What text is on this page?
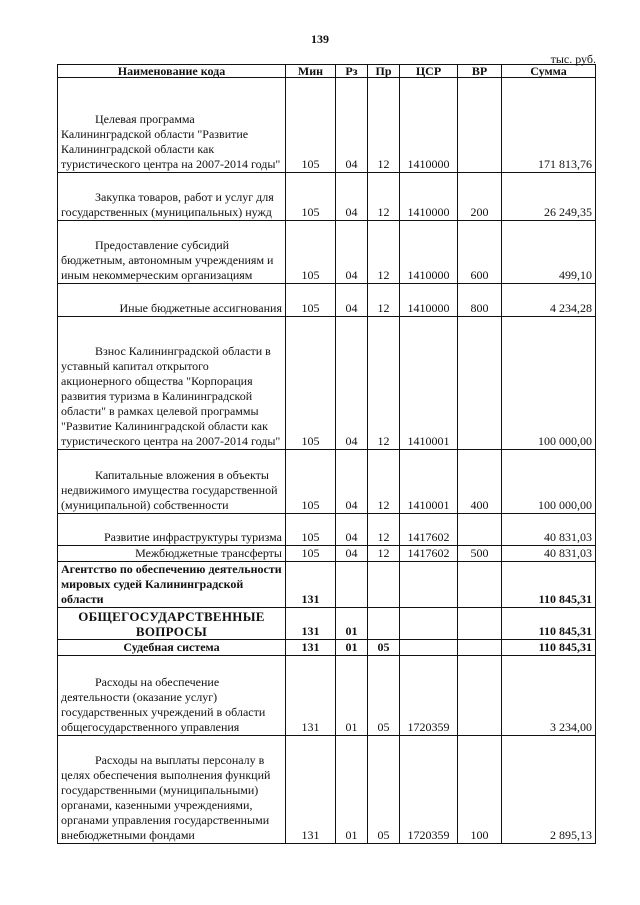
139
тыс. руб.
Наименование кода	Мин	Рз	Пр	ЦСР	ВР	Сумма

Целевая программа Калининградской области "Развитие Калининградской области как туристического центра на 2007-2014 годы"	105	04	12	1410000		171 813,76

Закупка товаров, работ и услуг для государственных (муниципальных) нужд	105	04	12	1410000	200	26 249,35

Предоставление субсидий бюджетным, автономным учреждениям и иным некоммерческим организациям	105	04	12	1410000	600	499,10

Иные бюджетные ассигнования	105	04	12	1410000	800	4 234,28

Взнос Калининградской области в уставный капитал открытого акционерного общества "Корпорация развития туризма в Калининградской области" в рамках целевой программы "Развитие Калининградской области как туристического центра на 2007-2014 годы"	105	04	12	1410001		100 000,00

Капитальные вложения в объекты недвижимого имущества государственной (муниципальной) собственности	105	04	12	1410001	400	100 000,00

Развитие инфраструктуры туризма	105	04	12	1417602		40 831,03

Межбюджетные трансферты	105	04	12	1417602	500	40 831,03

Агентство по обеспечению деятельности мировых судей Калининградской области	131					110 845,31

ОБЩЕГОСУДАРСТВЕННЫЕ ВОПРОСЫ	131	01				110 845,31

Судебная система	131	01	05			110 845,31

Расходы на обеспечение деятельности (оказание услуг) государственных учреждений в области общегосударственного управления	131	01	05	1720359		3 234,00

Расходы на выплаты персоналу в целях обеспечения выполнения функций государственными (муниципальными) органами, казенными учреждениями, органами управления государственными внебюджетными фондами	131	01	05	1720359	100	2 895,13
